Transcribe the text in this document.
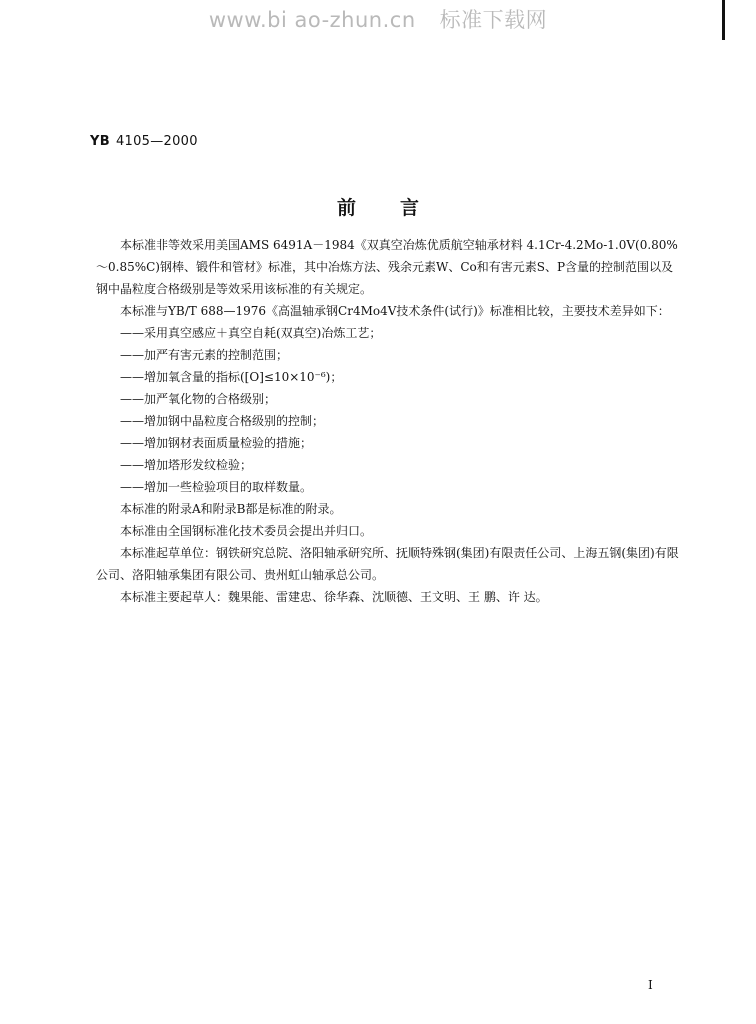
www.bi ao-zhun.cn 标准下载网
YB 4105—2000
前言

本标准非等效采用美国AMS 6491A－1984《双真空冶炼优质航空轴承材料 4.1Cr-4.2Mo-1.0V(0.80%～0.85%C)钢棒、锻件和管材》标准，其中冶炼方法、残余元素W、Co和有害元素S、P含量的控制范围以及钢中晶粒度合格级别是等效采用该标准的有关规定。

本标准与YB/T 688—1976《高温轴承钢Cr4Mo4V技术条件(试行)》标准相比较，主要技术差异如下：

——采用真空感应＋真空自耗(双真空)冶炼工艺；

——加严有害元素的控制范围；

——增加氧含量的指标([O]≤10×10⁻⁶)；

——加严氧化物的合格级别；

——增加钢中晶粒度合格级别的控制；

——增加钢材表面质量检验的措施；

——增加塔形发纹检验；

——增加一些检验项目的取样数量。

本标准的附录A和附录B都是标准的附录。

本标准由全国钢标准化技术委员会提出并归口。

本标准起草单位：钢铁研究总院、洛阳轴承研究所、抚顺特殊钢(集团)有限责任公司、上海五钢(集团)有限公司、洛阳轴承集团有限公司、贵州虹山轴承总公司。

本标准主要起草人：魏果能、雷建忠、徐华森、沈顺德、王文明、王 鹏、许 达。

I
